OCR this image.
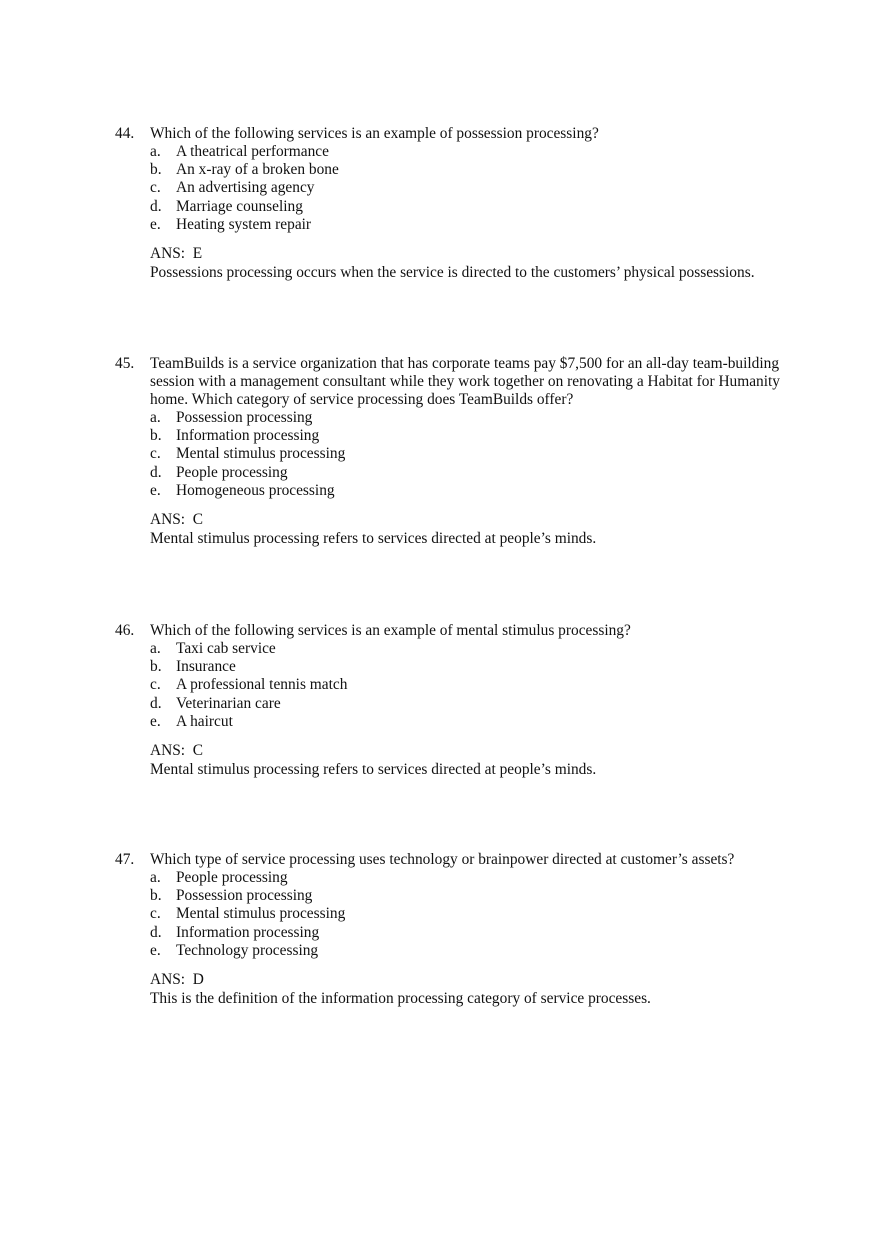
44.	Which of the following services is an example of possession processing?
a. A theatrical performance
b. An x-ray of a broken bone
c. An advertising agency
d. Marriage counseling
e. Heating system repair
ANS:  E
Possessions processing occurs when the service is directed to the customers’ physical possessions.
45.	TeamBuilds is a service organization that has corporate teams pay $7,500 for an all-day team-building session with a management consultant while they work together on renovating a Habitat for Humanity home. Which category of service processing does TeamBuilds offer?
a. Possession processing
b. Information processing
c. Mental stimulus processing
d. People processing
e. Homogeneous processing
ANS:  C
Mental stimulus processing refers to services directed at people’s minds.
46.	Which of the following services is an example of mental stimulus processing?
a. Taxi cab service
b. Insurance
c. A professional tennis match
d. Veterinarian care
e. A haircut
ANS:  C
Mental stimulus processing refers to services directed at people’s minds.
47.	Which type of service processing uses technology or brainpower directed at customer’s assets?
a. People processing
b. Possession processing
c. Mental stimulus processing
d. Information processing
e. Technology processing
ANS:  D
This is the definition of the information processing category of service processes.
